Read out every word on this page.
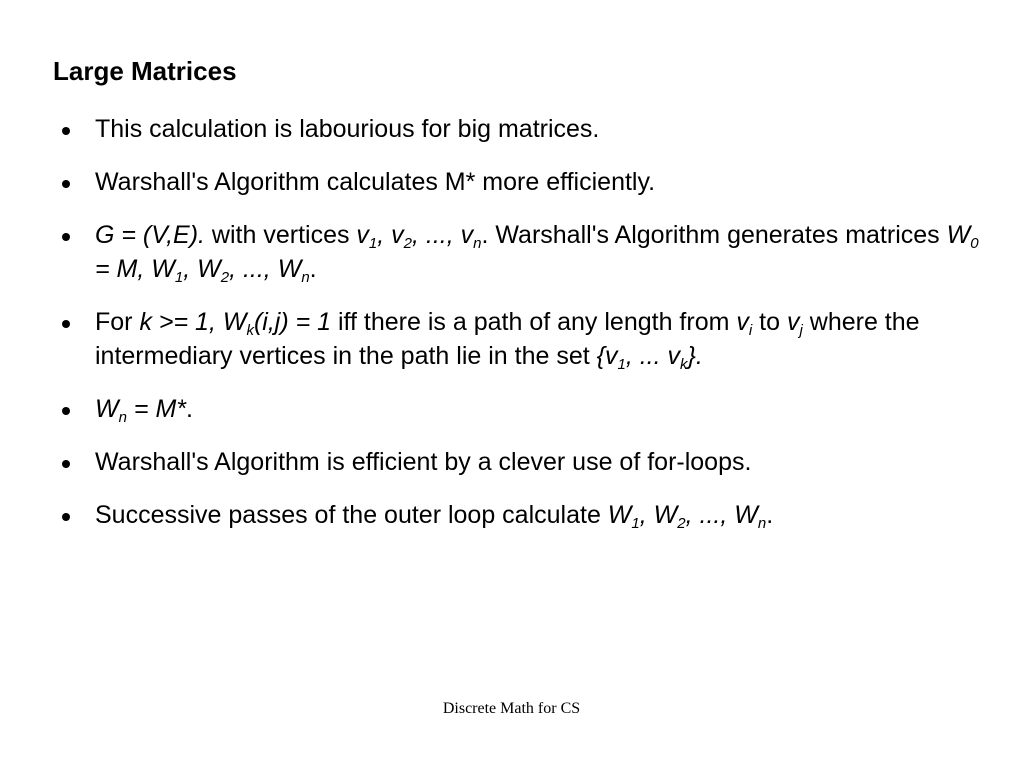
Large Matrices
This calculation is labourious for big matrices.
Warshall's Algorithm calculates M* more efficiently.
G = (V,E). with vertices $v_1$, $v_2$, ..., $v_n$. Warshall's Algorithm generates matrices $W_0 = M$, $W_1$, $W_2$, ..., $W_n$.
For k >= 1, $W_k(i,j) = 1$ iff there is a path of any length from $v_i$ to $v_j$ where the intermediary vertices in the path lie in the set {$v_1$, ... $v_k$}.
$W_n = M*$.
Warshall's Algorithm is efficient by a clever use of for-loops.
Successive passes of the outer loop calculate $W_1$, $W_2$, ..., $W_n$.
Discrete Math for CS
